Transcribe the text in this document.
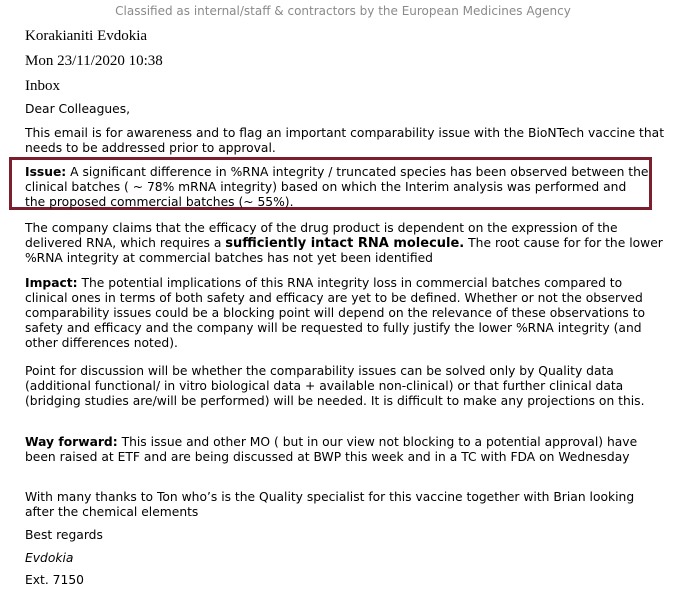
Classified as internal/staff & contractors by the European Medicines Agency
Korakianiti Evdokia
Mon 23/11/2020 10:38
Inbox

Dear Colleagues,

This email is for awareness and to flag an important comparability issue with the BioNTech vaccine that needs to be addressed prior to approval.

Issue: A significant difference in %RNA integrity / truncated species has been observed between the clinical batches ( ~ 78% mRNA integrity) based on which the Interim analysis was performed and the proposed commercial batches (~ 55%).

The company claims that the efficacy of the drug product is dependent on the expression of the delivered RNA, which requires a sufficiently intact RNA molecule. The root cause for for the lower %RNA integrity at commercial batches has not yet been identified

Impact: The potential implications of this RNA integrity loss in commercial batches compared to clinical ones in terms of both safety and efficacy are yet to be defined. Whether or not the observed comparability issues could be a blocking point will depend on the relevance of these observations to safety and efficacy and the company will be requested to fully justify the lower %RNA integrity (and other differences noted).

Point for discussion will be whether the comparability issues can be solved only by Quality data (additional functional/ in vitro biological data + available non-clinical) or that further clinical data (bridging studies are/will be performed) will be needed. It is difficult to make any projections on this.

Way forward: This issue and other MO ( but in our view not blocking to a potential approval) have been raised at ETF and are being discussed at BWP this week and in a TC with FDA on Wednesday

With many thanks to Ton who’s is the Quality specialist for this vaccine together with Brian looking after the chemical elements

Best regards

Evdokia

Ext. 7150
